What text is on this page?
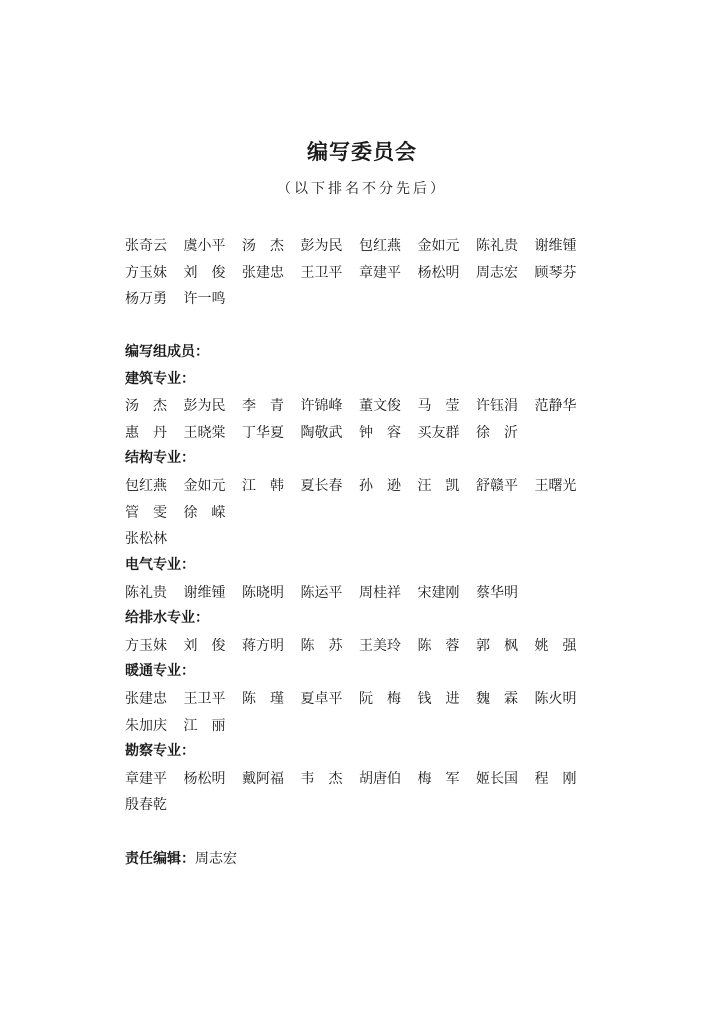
编写委员会
（以下排名不分先后）
张奇云	虞小平	汤　杰	彭为民	包红燕	金如元	陈礼贵	谢维锺
方玉妹	刘　俊	张建忠	王卫平	章建平	杨松明	周志宏	顾琴芬
杨万勇	许一鸣
编写组成员：
建筑专业：
汤　杰	彭为民	李　青	许锦峰	董文俊	马　莹	许钰涓	范静华
惠　丹	王晓棠	丁华夏	陶敬武	钟　容	买友群	徐　沂
结构专业：
包红燕	金如元	江　韩	夏长春	孙　逊	汪　凯	舒赣平	王曙光
管　雯	徐　嵘
张松林
电气专业：
陈礼贵	谢维锺	陈晓明	陈运平	周桂祥	宋建刚	蔡华明
给排水专业：
方玉妹	刘　俊	蒋方明	陈　苏	王美玲	陈　蓉	郭　枫	姚　强
暖通专业：
张建忠	王卫平	陈　瑾	夏卓平	阮　梅	钱　进	魏　霖	陈火明
朱加庆	江　丽
勘察专业：
章建平	杨松明	戴阿福	韦　杰	胡唐伯	梅　军	姬长国	程　刚
殷春乾
责任编辑：周志宏
